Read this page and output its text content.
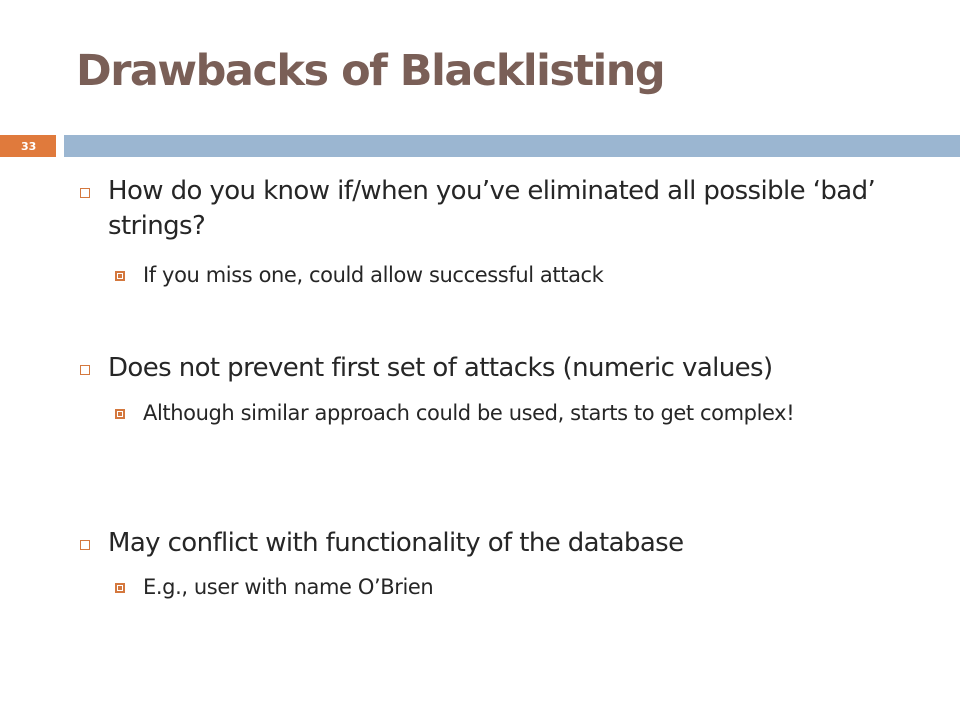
Drawbacks of Blacklisting
33
How do you know if/when you’ve eliminated all possible ‘bad’ strings?
If you miss one, could allow successful attack
Does not prevent first set of attacks (numeric values)
Although similar approach could be used, starts to get complex!
May conflict with functionality of the database
E.g., user with name O’Brien
